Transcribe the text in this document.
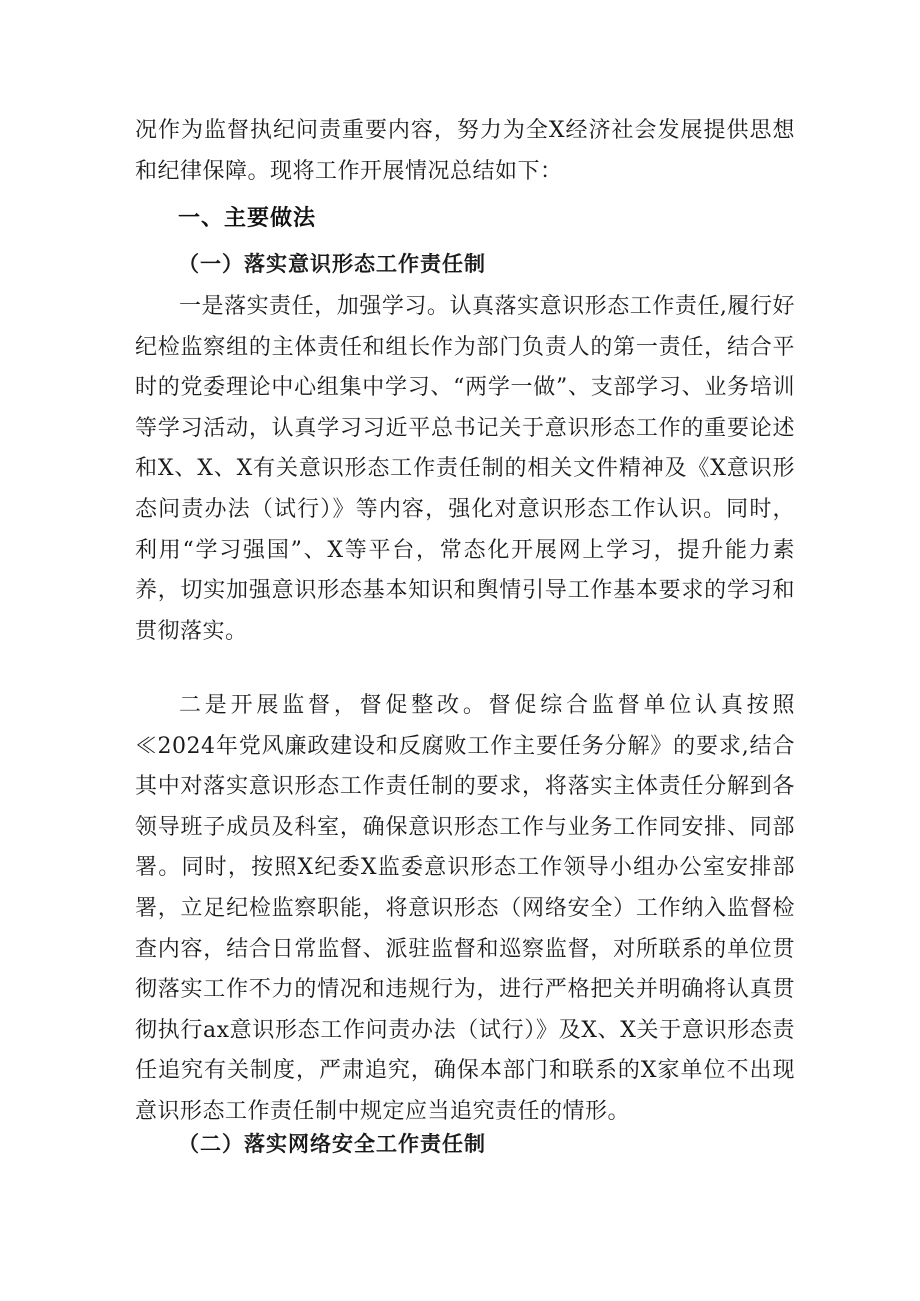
况作为监督执纪问责重要内容，努力为全X经济社会发展提供思想和纪律保障。现将工作开展情况总结如下：

一、主要做法
（一）落实意识形态工作责任制

一是落实责任，加强学习。认真落实意识形态工作责任,履行好纪检监察组的主体责任和组长作为部门负责人的第一责任，结合平时的党委理论中心组集中学习、“两学一做”、支部学习、业务培训等学习活动，认真学习习近平总书记关于意识形态工作的重要论述和X、X、X有关意识形态工作责任制的相关文件精神及《X意识形态问责办法（试行）》等内容，强化对意识形态工作认识。同时，利用“学习强国”、X等平台，常态化开展网上学习，提升能力素养，切实加强意识形态基本知识和舆情引导工作基本要求的学习和贯彻落实。

二是开展监督，督促整改。督促综合监督单位认真按照≪2024年党风廉政建设和反腐败工作主要任务分解》的要求,结合其中对落实意识形态工作责任制的要求，将落实主体责任分解到各领导班子成员及科室，确保意识形态工作与业务工作同安排、同部署。同时，按照X纪委X监委意识形态工作领导小组办公室安排部署，立足纪检监察职能，将意识形态（网络安全）工作纳入监督检查内容，结合日常监督、派驻监督和巡察监督，对所联系的单位贯彻落实工作不力的情况和违规行为，进行严格把关并明确将认真贯彻执行ax意识形态工作问责办法（试行）》及X、X关于意识形态责任追究有关制度，严肃追究，确保本部门和联系的X家单位不出现意识形态工作责任制中规定应当追究责任的情形。

（二）落实网络安全工作责任制
